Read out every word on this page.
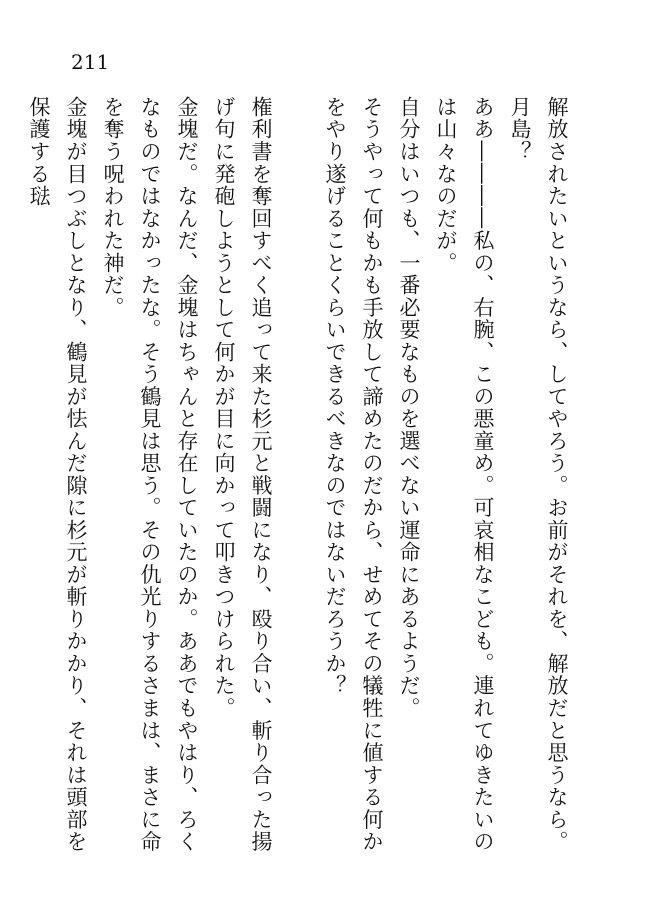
211

解放されたいというなら、してやろう。お前がそれを、解放だと思うなら。

月島？

ああ――――私の、右腕、この悪童め。可哀相なこども。連れてゆきたいのは山々なのだが。

自分はいつも、一番必要なものを選べない運命にあるようだ。

そうやって何もかも手放して諦めたのだから、せめてその犠牲に値する何かをやり遂げることくらいできるべきなのではないだろうか？

権利書を奪回すべく追って来た杉元と戦闘になり、殴り合い、斬り合った揚げ句に発砲しようとして何かが目に向かって叩きつけられた。

金塊だ。なんだ、金塊はちゃんと存在していたのか。ああでもやはり、ろくなものではなかったな。そう鶴見は思う。その仇光りするさまは、まさに命を奪う呪われた神だ。

金塊が目つぶしとなり、鶴見が怯んだ隙に杉元が斬りかかり、それは頭部を保護する琺
